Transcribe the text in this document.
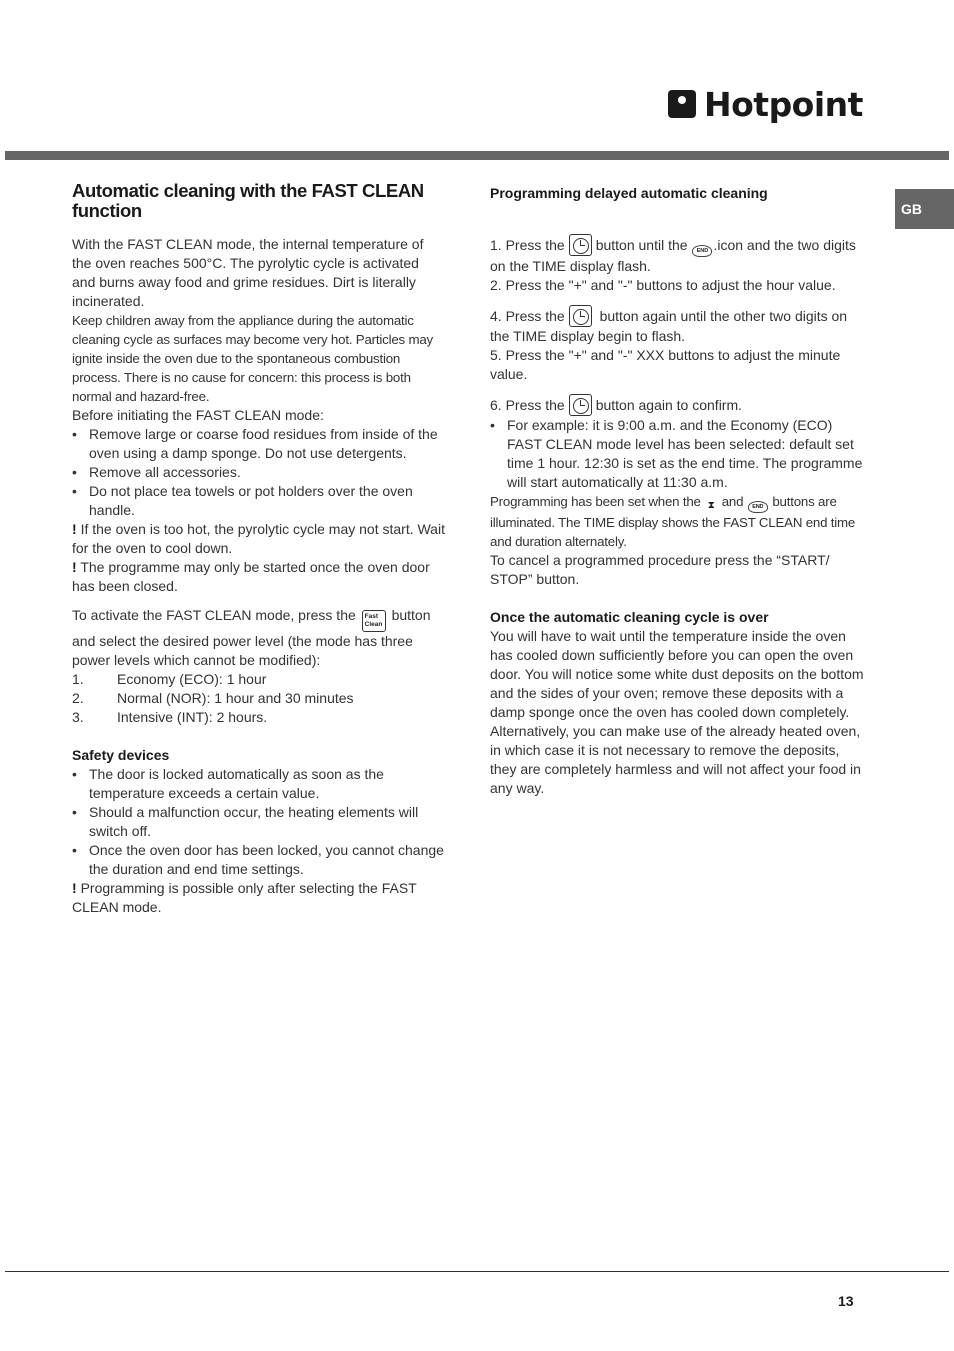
Hotpoint
GB
Automatic cleaning with the FAST CLEAN function

With the FAST CLEAN mode, the internal temperature of the oven reaches 500°C. The pyrolytic cycle is activated and burns away food and grime residues. Dirt is literally incinerated.

Keep children away from the appliance during the automatic cleaning cycle as surfaces may become very hot. Particles may ignite inside the oven due to the spontaneous combustion process. There is no cause for concern: this process is both normal and hazard-free.

Before initiating the FAST CLEAN mode:

• Remove large or coarse food residues from inside of the oven using a damp sponge. Do not use detergents.
• Remove all accessories.
• Do not place tea towels or pot holders over the oven handle.

! If the oven is too hot, the pyrolytic cycle may not start. Wait for the oven to cool down.

! The programme may only be started once the oven door has been closed.

To activate the FAST CLEAN mode, press the Fast
Clean button and select the desired power level (the mode has three power levels which cannot be modified):

1.	Economy (ECO): 1 hour
2.	Normal (NOR): 1 hour and 30 minutes
3.	Intensive (INT): 2 hours.
Safety devices
• The door is locked automatically as soon as the temperature exceeds a certain value.
• Should a malfunction occur, the heating elements will switch off.
• Once the oven door has been locked, you cannot change the duration and end time settings.

! Programming is possible only after selecting the FAST CLEAN mode.

Programming delayed automatic cleaning

1. Press the button until the END .icon and the two digits on the TIME display flash.

2. Press the "+" and "-" buttons to adjust the hour value.

4. Press the button again until the other two digits on the TIME display begin to flash.

5. Press the "+" and "-" XXX buttons to adjust the minute value.

6. Press the button again to confirm.

• For example: it is 9:00 a.m. and the Economy (ECO) FAST CLEAN mode level has been selected: default set time 1 hour. 12:30 is set as the end time. The programme will start automatically at 11:30 a.m.

Programming has been set when the ⧗ and END buttons are illuminated. The TIME display shows the FAST CLEAN end time and duration alternately.

To cancel a programmed procedure press the “START/ STOP” button.

Once the automatic cleaning cycle is over

You will have to wait until the temperature inside the oven has cooled down sufficiently before you can open the oven door. You will notice some white dust deposits on the bottom and the sides of your oven; remove these deposits with a damp sponge once the oven has cooled down completely. Alternatively, you can make use of the already heated oven, in which case it is not necessary to remove the deposits, they are completely harmless and will not affect your food in any way.

13
